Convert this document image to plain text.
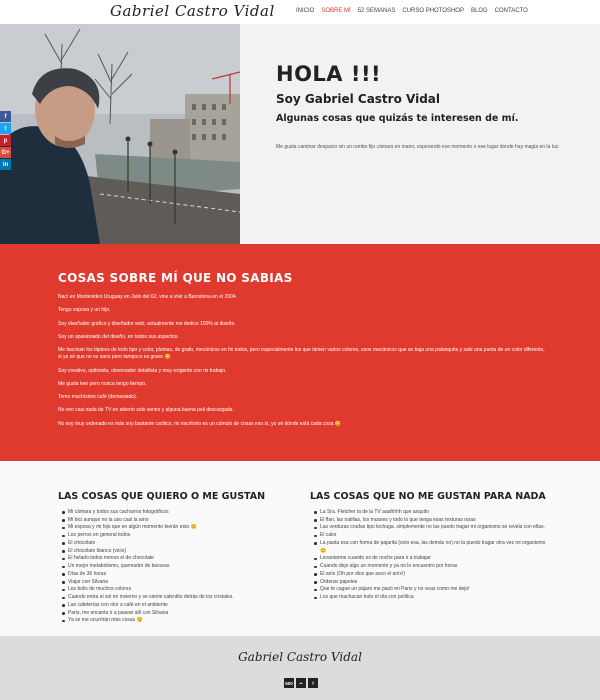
Gabriel Castro Vidal	INICIO SOBRE MÍ 52 SEMANAS CURSO PHOTOSHOP BLOG CONTACTO
HOLA !!!
Soy Gabriel Castro Vidal
Algunas cosas que quizás te interesen de mí.

Me gusta caminar despacio sin un rumbo fijo cámara en mano, esperando ese momento o ese lugar donde hay magia en la luz.

f
t
p
G+
in
COSAS SOBRE MÍ QUE NO SABIAS

Nací en Montevideo Uruguay en Julio del 62, vine a vivir a Barcelona en el 2004.

Tengo esposa y un hijo.

Soy diseñador gráfico y diseñador web; actualmente me dedico 100% al diseño.

Soy un apasionado del diseño, en todos sus aspectos.

Me fascinan los lápices de todo tipo y color, plumas, de grafo, mecánicos en fin todos, pero especialmente los que tienen varios colores, esos mecánicos que se baja una palanquita y sale una punta de un color diferente, si ya sé que no es sano pero tampoco es grave 😊

Soy creativo, optimista, observador detallista y muy exigente con mi trabajo.

Me gusta leer pero nunca tengo tiempo.

Tomo muchísimo café (demasiado).

No veo casi nada de TV en abierto solo series y alguna buena peli descargada.

No soy muy ordenado es más soy bastante caótico, mi escritorio es un cúmulo de cosas eso sí, yo sé dónde está cada cosa 😊

LAS COSAS QUE QUIERO O ME GUSTAN
Mi cámara y todos sus cacharros fotográficos
Mi bici aunque no la uso casi la amo
Mi esposa y mi hijo que en algún momento leerán esto 😊
Los perros en general todos
El chocolate
El chocolate blanco (vicio)
El helado todos menos el de chocolate
Un mejor metabolismo, quemador de basuras
Días de 36 horas
Viajar con Silvana
Los bolis de muchos colores
Cuando entra el sol en invierno y se siente calentito detrás de los cristales.
Las cafeterías con olor a café en el ambiente
Paris, me encanta ir a pasear allí con Silvana
Ya se me ocurrirán más cosas 😊
LAS COSAS QUE NO ME GUSTAN PARA NADA
La Sra. Fletcher la de la TV aaahhhh que asquito
El flan, las natillas, los musses y todo lo que tenga esas texturas raras
Las verduras crudas tipo lechuga, simplemente no las puedo tragar mi organismo se revela con ellas.
El calor
La pasta esa con forma de pajarita (solo esa, las demás no) no la puedo tragar otra vez mi organismo 😊
Levantarme cuando es de noche para ir a trabajar
Cuando dejo algo un momento y ya no lo encuentro por horas
El anís (Oh por dios que asco el anís!)
Ordenar papeles
Que te cague un pájaro me pasó en Paris y no veas como me dejo!
Los que machacan todo el día con política
Gabriel Castro Vidal
500	••	f
